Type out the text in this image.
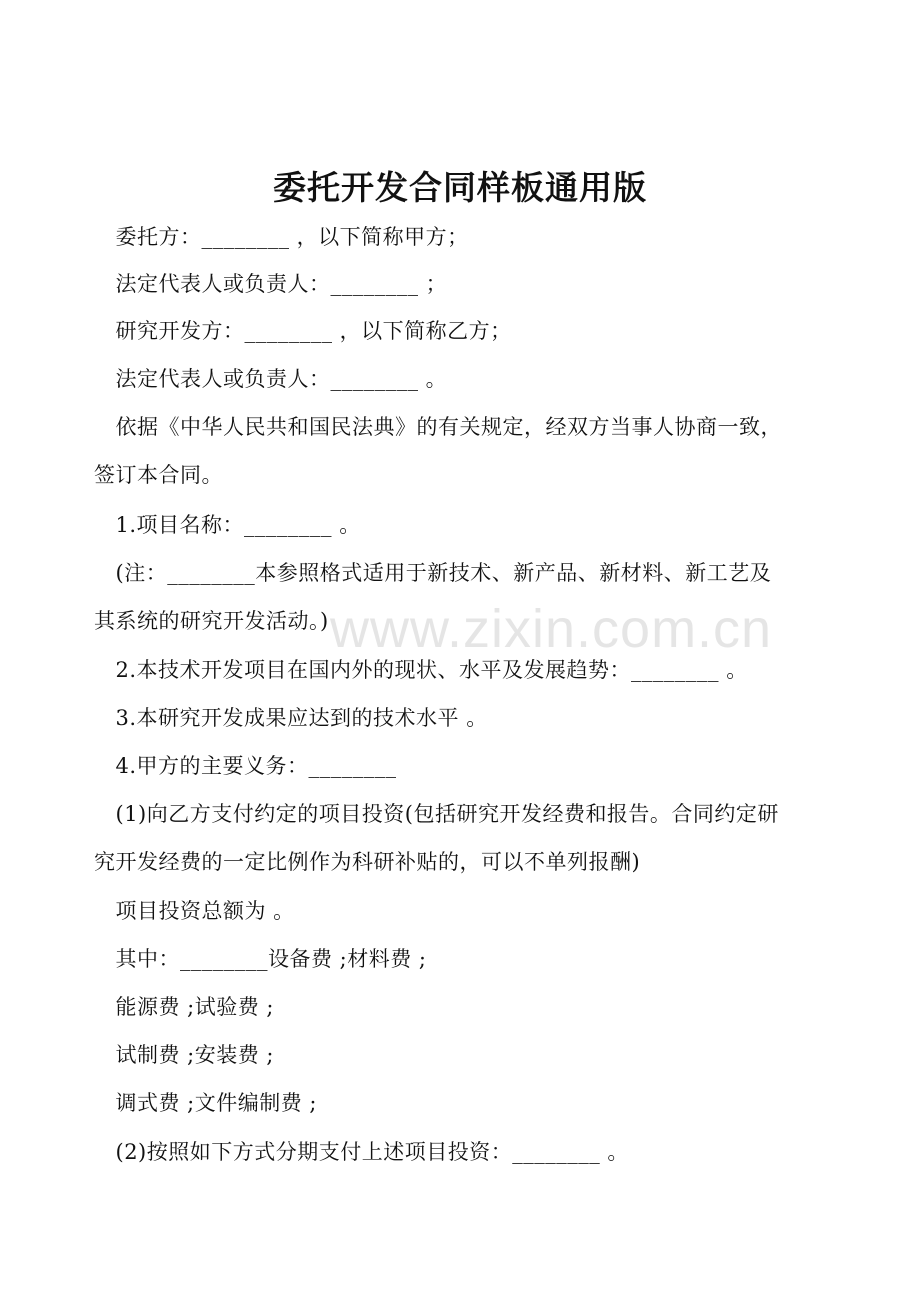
委托开发合同样板通用版
www.zixin.com.cn
　委托方：________ ，以下简称甲方；
　法定代表人或负责人：________ ；
　研究开发方：________ ，以下简称乙方；
　法定代表人或负责人：________ 。
　依据《中华人民共和国民法典》的有关规定，经双方当事人协商一致，
签订本合同。
　1.项目名称：________ 。
　(注：________本参照格式适用于新技术、新产品、新材料、新工艺及
其系统的研究开发活动。)
　2.本技术开发项目在国内外的现状、水平及发展趋势：________ 。
　3.本研究开发成果应达到的技术水平 。
　4.甲方的主要义务：________
　(1)向乙方支付约定的项目投资(包括研究开发经费和报告。合同约定研
究开发经费的一定比例作为科研补贴的，可以不单列报酬)
　项目投资总额为 。
　其中：________设备费 ;材料费 ;
　能源费 ;试验费 ;
　试制费 ;安装费 ;
　调式费 ;文件编制费 ;
　(2)按照如下方式分期支付上述项目投资：________ 。
